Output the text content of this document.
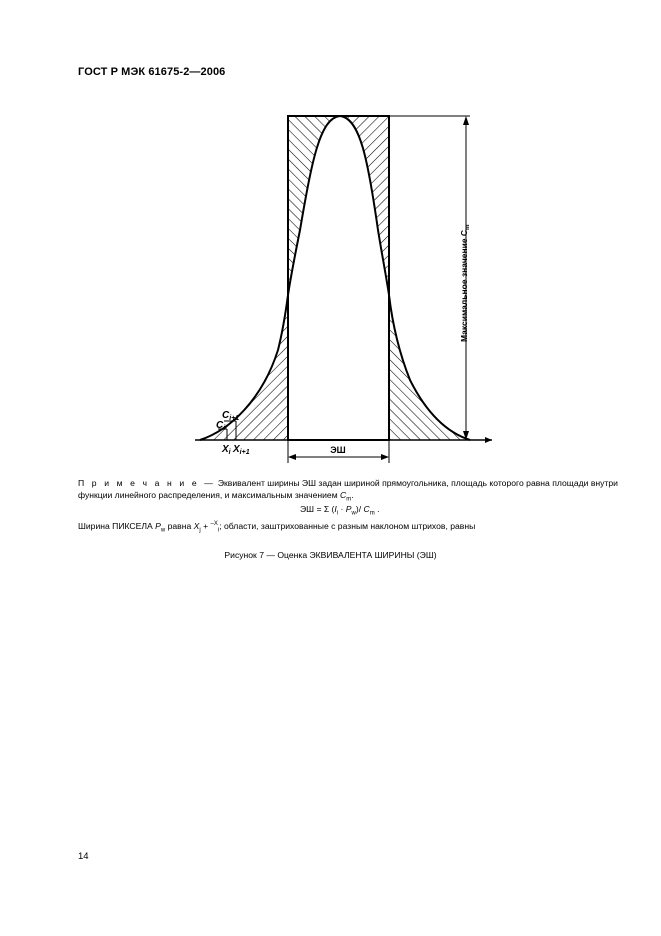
ГОСТ Р МЭК 61675-2—2006
$C_{i+1}$
$C_i$
$X_i$ $X_{i+1}$	ЭШ
Максимальное значение $C_m$
П р и м е ч а н и е — Эквивалент ширины ЭШ задан шириной прямоугольника, площадь которого равна площади внутри функции линейного распределения, и максимальным значением $C_m$.
ЭШ = Σ $(I_i \cdot P_w)/$ $C_m$ .
Ширина ПИКСЕЛА $P_w$ равна $X_j + ^{-X}_i$; области, заштрихованные с разным наклоном штрихов, равны
Рисунок 7 — Оценка ЭКВИВАЛЕНТА ШИРИНЫ (ЭШ)
14
